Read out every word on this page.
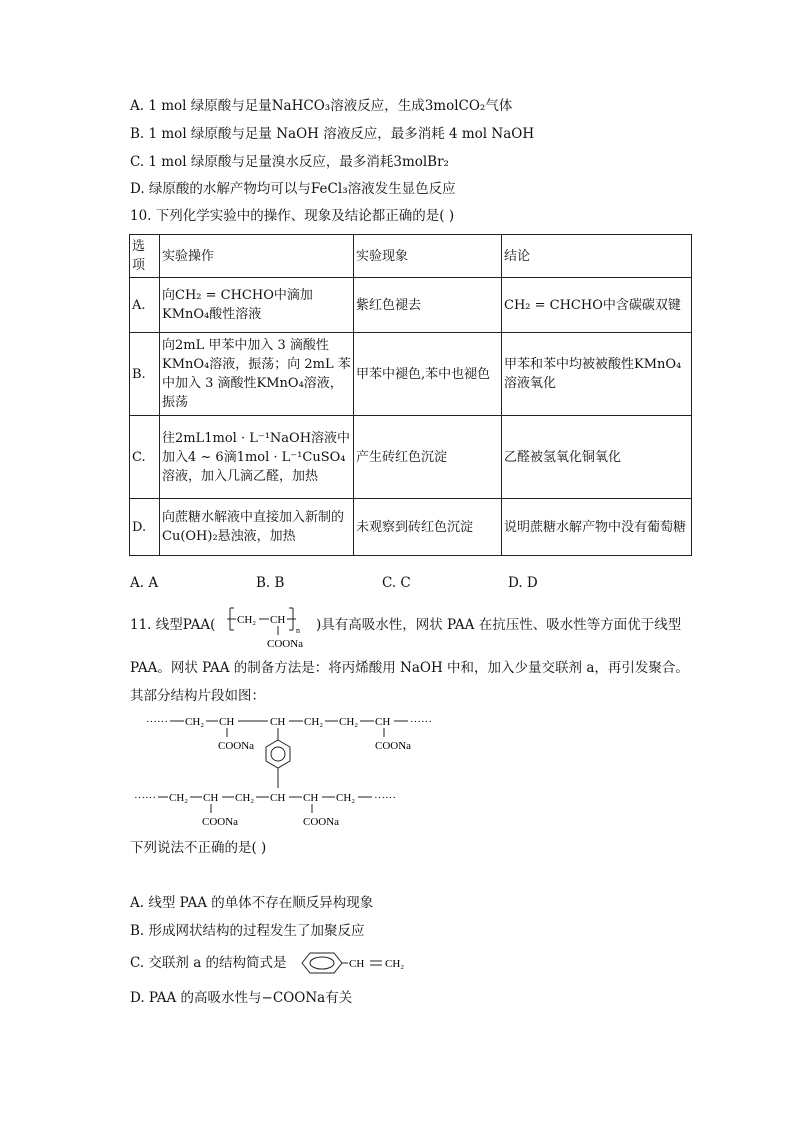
A. 1 mol 绿原酸与足量NaHCO₃溶液反应，生成3molCO₂气体
B. 1 mol 绿原酸与足量 NaOH 溶液反应，最多消耗 4 mol NaOH
C. 1 mol 绿原酸与足量溴水反应，最多消耗3molBr₂
D. 绿原酸的水解产物均可以与FeCl₃溶液发生显色反应
10. 下列化学实验中的操作、现象及结论都正确的是( )
选项	实验操作	实验现象	结论
A.	向CH₂ = CHCHO中滴加KMnO₄酸性溶液	紫红色褪去	CH₂ = CHCHO中含碳碳双键
B.	向2mL 甲苯中加入 3 滴酸性KMnO₄溶液，振荡；向 2mL 苯中加入 3 滴酸性KMnO₄溶液，振荡	甲苯中褪色,苯中也褪色	甲苯和苯中均被被酸性KMnO₄溶液氧化
C.	往2mL1mol · L⁻¹NaOH溶液中加入4 ~ 6滴1mol · L⁻¹CuSO₄溶液，加入几滴乙醛，加热	产生砖红色沉淀	乙醛被氢氧化铜氧化
D.	向蔗糖水解液中直接加入新制的Cu(OH)₂悬浊液，加热	未观察到砖红色沉淀	说明蔗糖水解产物中没有葡萄糖
A. A	B. B	C. C	D. D
11. 线型PAA( CH₂ CH
n
COONa
)具有高吸水性，网状 PAA 在抗压性、吸水性等方面优于线型
PAA。网状 PAA 的制备方法是：将丙烯酸用 NaOH 中和，加入少量交联剂 a，再引发聚合。
其部分结构片段如图：
······ CH₂ CH	CH CH₂ CH₂ CH ······
COONa	COONa
······ CH₂ CH CH₂ CH CH CH₂ ······
COONa	COONa
下列说法不正确的是( )
A. 线型 PAA 的单体不存在顺反异构现象
B. 形成网状结构的过程发生了加聚反应
C. 交联剂 a 的结构简式是	CH CH₂
D. PAA 的高吸水性与−COONa有关
